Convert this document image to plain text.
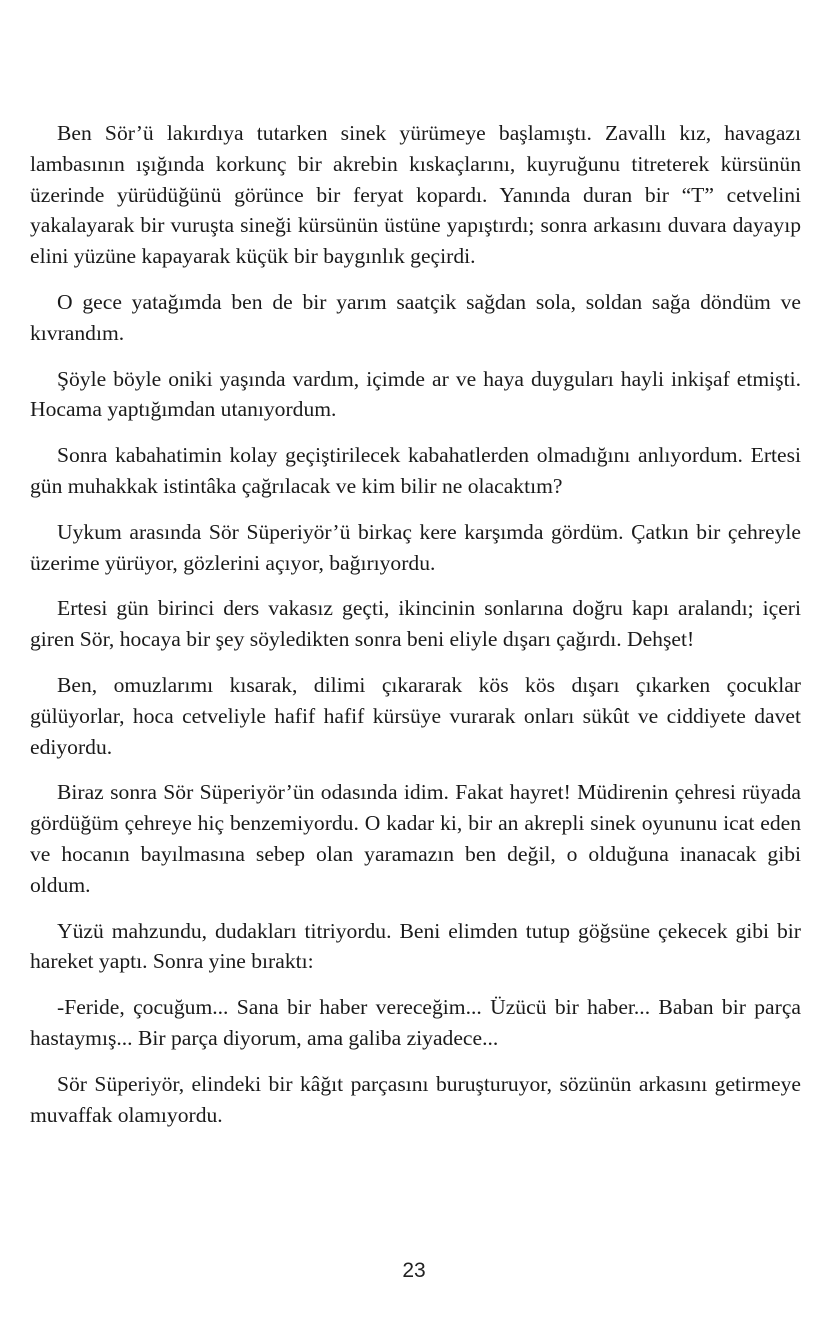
Ben Sör’ü lakırdıya tutarken sinek yürümeye başlamıştı. Zavallı kız, havagazı lambasının ışığında korkunç bir akrebin kıskaçlarını, kuyruğunu titreterek kürsünün üzerinde yürüdüğünü görünce bir feryat kopardı. Yanında duran bir “T” cetvelini yakalayarak bir vuruşta sineği kürsünün üstüne yapıştırdı; sonra arkasını duvara dayayıp elini yüzüne kapayarak küçük bir baygınlık geçirdi.

O gece yatağımda ben de bir yarım saatçik sağdan sola, soldan sağa döndüm ve kıvrandım.

Şöyle böyle oniki yaşında vardım, içimde ar ve haya duyguları hayli inkişaf etmişti. Hocama yaptığımdan utanıyordum.

Sonra kabahatimin kolay geçiştirilecek kabahatlerden olmadığını anlıyordum. Ertesi gün muhakkak istintâka çağrılacak ve kim bilir ne olacaktım?

Uykum arasında Sör Süperiyör’ü birkaç kere karşımda gördüm. Çatkın bir çehreyle üzerime yürüyor, gözlerini açıyor, bağırıyordu.

Ertesi gün birinci ders vakasız geçti, ikincinin sonlarına doğru kapı aralandı; içeri giren Sör, hocaya bir şey söyledikten sonra beni eliyle dışarı çağırdı. Dehşet!

Ben, omuzlarımı kısarak, dilimi çıkararak kös kös dışarı çıkarken çocuklar gülüyorlar, hoca cetveliyle hafif hafif kürsüye vurarak onları sükût ve ciddiyete davet ediyordu.

Biraz sonra Sör Süperiyör’ün odasında idim. Fakat hayret! Müdirenin çehresi rüyada gördüğüm çehreye hiç benzemiyordu. O kadar ki, bir an akrepli sinek oyununu icat eden ve hocanın bayılmasına sebep olan yaramazın ben değil, o olduğuna inanacak gibi oldum.

Yüzü mahzundu, dudakları titriyordu. Beni elimden tutup göğsüne çekecek gibi bir hareket yaptı. Sonra yine bıraktı:

-Feride, çocuğum... Sana bir haber vereceğim... Üzücü bir haber... Baban bir parça hastaymış... Bir parça diyorum, ama galiba ziyadece...

Sör Süperiyör, elindeki bir kâğıt parçasını buruşturuyor, sözünün arkasını getirmeye muvaffak olamıyordu.

23
